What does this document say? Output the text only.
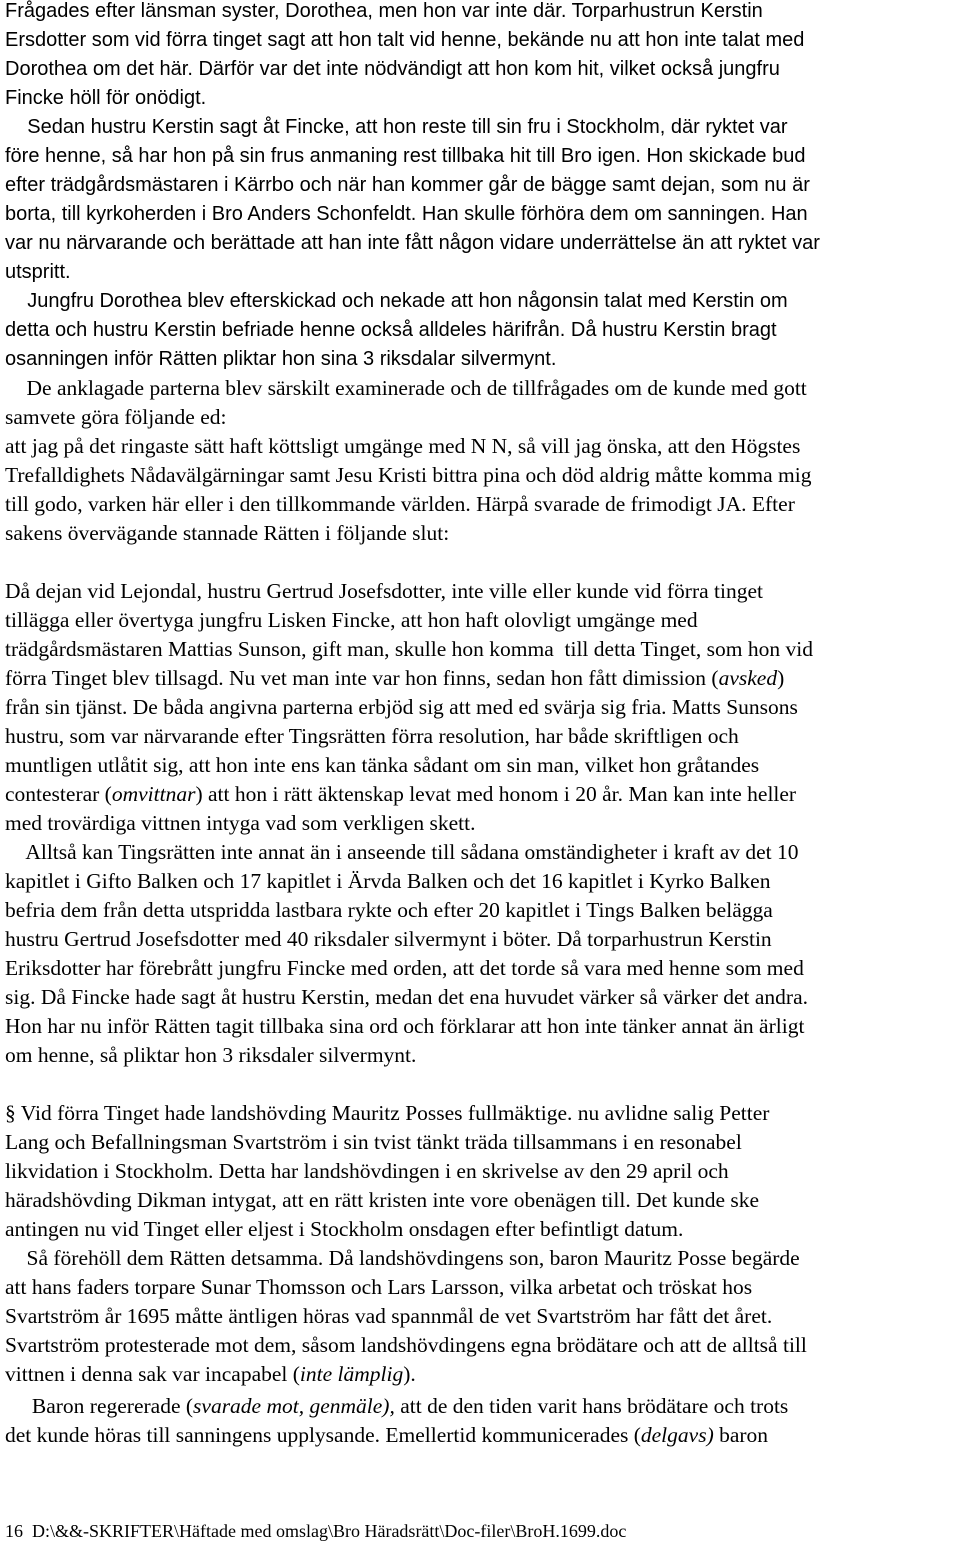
Frågades efter länsman syster, Dorothea, men hon var inte där. Torparhustrun Kerstin
Ersdotter som vid förra tinget sagt att hon talt vid henne, bekände nu att hon inte talat med
Dorothea om det här. Därför var det inte nödvändigt att hon kom hit, vilket också jungfru
Fincke höll för onödigt.
Sedan hustru Kerstin sagt åt Fincke, att hon reste till sin fru i Stockholm, där ryktet var
före henne, så har hon på sin frus anmaning rest tillbaka hit till Bro igen. Hon skickade bud
efter trädgårdsmästaren i Kärrbo och när han kommer går de bägge samt dejan, som nu är
borta, till kyrkoherden i Bro Anders Schonfeldt. Han skulle förhöra dem om sanningen. Han
var nu närvarande och berättade att han inte fått någon vidare underrättelse än att ryktet var
utspritt.
Jungfru Dorothea blev efterskickad och nekade att hon någonsin talat med Kerstin om
detta och hustru Kerstin befriade henne också alldeles härifrån. Då hustru Kerstin bragt
osanningen inför Rätten pliktar hon sina 3 riksdalar silvermynt.
De anklagade parterna blev särskilt examinerade och de tillfrågades om de kunde med gott
samvete göra följande ed:
att jag på det ringaste sätt haft köttsligt umgänge med N N, så vill jag önska, att den Högstes
Trefalldighets Nådavälgärningar samt Jesu Kristi bittra pina och död aldrig måtte komma mig
till godo, varken här eller i den tillkommande världen. Härpå svarade de frimodigt JA. Efter
sakens övervägande stannade Rätten i följande slut:
Då dejan vid Lejondal, hustru Gertrud Josefsdotter, inte ville eller kunde vid förra tinget
tillägga eller övertyga jungfru Lisken Fincke, att hon haft olovligt umgänge med
trädgårdsmästaren Mattias Sunson, gift man, skulle hon komma  till detta Tinget, som hon vid
förra Tinget blev tillsagd. Nu vet man inte var hon finns, sedan hon fått dimission (avsked)
från sin tjänst. De båda angivna parterna erbjöd sig att med ed svärja sig fria. Matts Sunsons
hustru, som var närvarande efter Tingsrätten förra resolution, har både skriftligen och
muntligen utlåtit sig, att hon inte ens kan tänka sådant om sin man, vilket hon gråtandes
contesterar (omvittnar) att hon i rätt äktenskap levat med honom i 20 år. Man kan inte heller
med trovärdiga vittnen intyga vad som verkligen skett.
Alltså kan Tingsrätten inte annat än i anseende till sådana omständigheter i kraft av det 10
kapitlet i Gifto Balken och 17 kapitlet i Ärvda Balken och det 16 kapitlet i Kyrko Balken
befria dem från detta utspridda lastbara rykte och efter 20 kapitlet i Tings Balken belägga
hustru Gertrud Josefsdotter med 40 riksdaler silvermynt i böter. Då torparhustrun Kerstin
Eriksdotter har förebrått jungfru Fincke med orden, att det torde så vara med henne som med
sig. Då Fincke hade sagt åt hustru Kerstin, medan det ena huvudet värker så värker det andra.
Hon har nu inför Rätten tagit tillbaka sina ord och förklarar att hon inte tänker annat än ärligt
om henne, så pliktar hon 3 riksdaler silvermynt.
§ Vid förra Tinget hade landshövding Mauritz Posses fullmäktige. nu avlidne salig Petter
Lang och Befallningsman Svartström i sin tvist tänkt träda tillsammans i en resonabel
likvidation i Stockholm. Detta har landshövdingen i en skrivelse av den 29 april och
häradshövding Dikman intygat, att en rätt kristen inte vore obenägen till. Det kunde ske
antingen nu vid Tinget eller eljest i Stockholm onsdagen efter befintligt datum.
Så förehöll dem Rätten detsamma. Då landshövdingens son, baron Mauritz Posse begärde
att hans faders torpare Sunar Thomsson och Lars Larsson, vilka arbetat och tröskat hos
Svartström år 1695 måtte äntligen höras vad spannmål de vet Svartström har fått det året.
Svartström protesterade mot dem, såsom landshövdingens egna brödätare och att de alltså till
vittnen i denna sak var incapabel (inte lämplig).
Baron regererade (svarade mot, genmäle), att de den tiden varit hans brödätare och trots
det kunde höras till sanningens upplysande. Emellertid kommunicerades (delgavs) baron
16  D:\&&-SKRIFTER\Häftade med omslag\Bro Häradsrätt\Doc-filer\BroH.1699.doc
